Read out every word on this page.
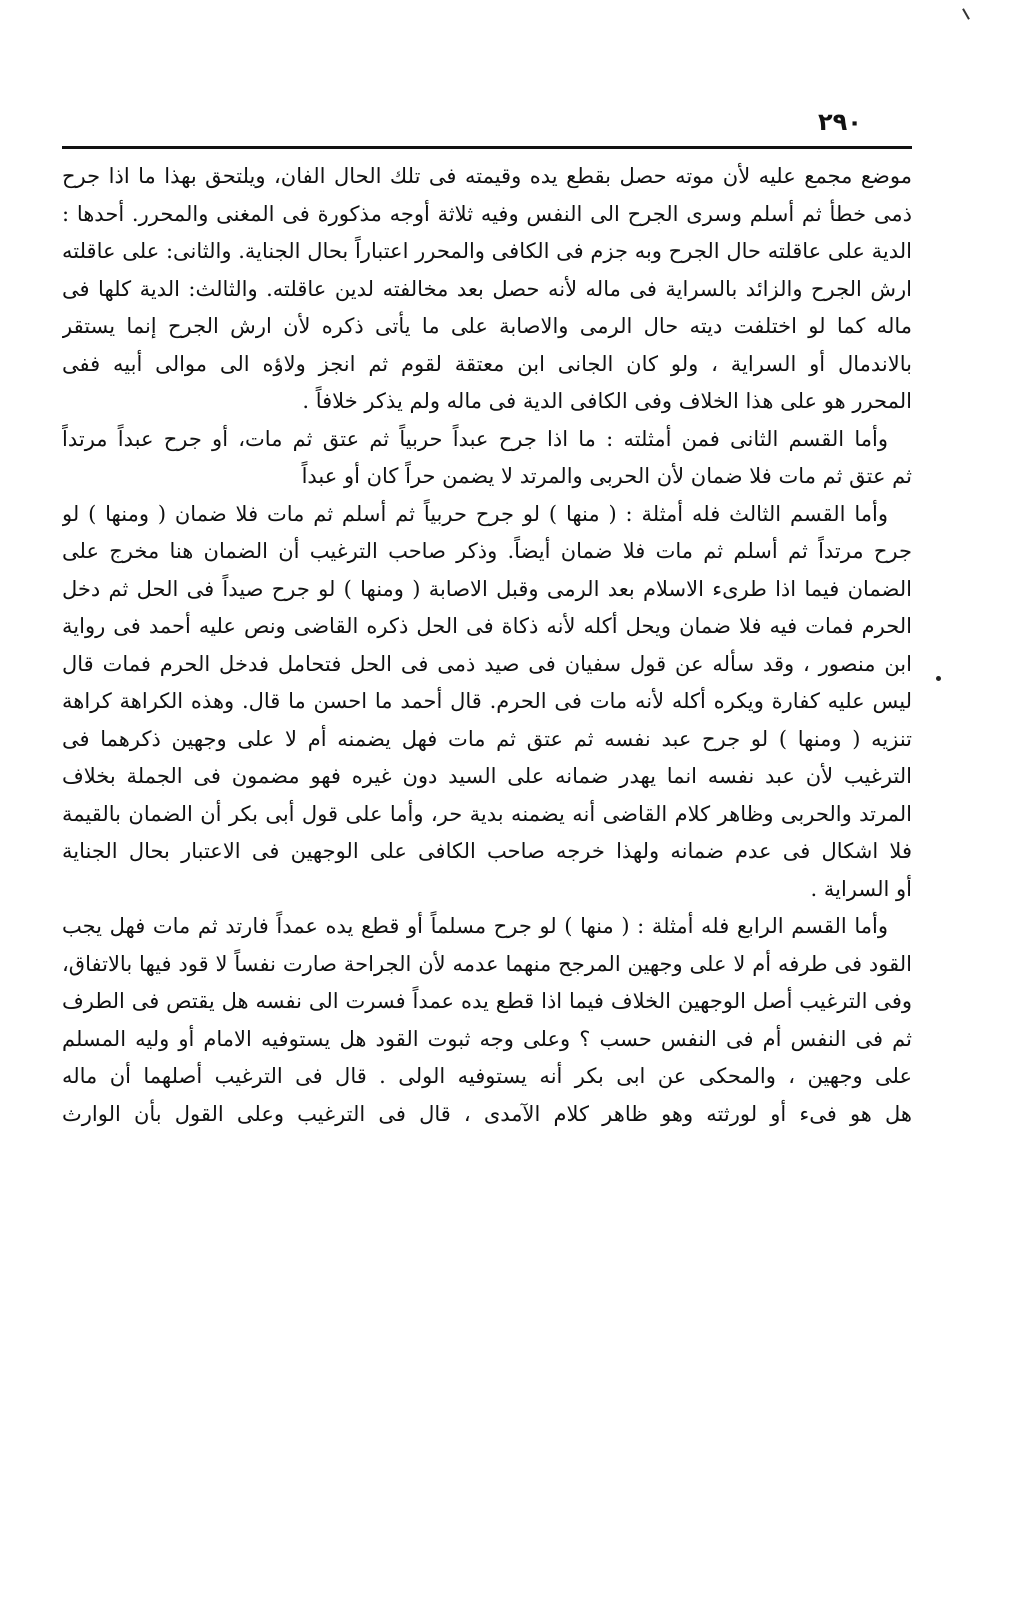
٢٩٠
موضع مجمع عليه لأن موته حصل بقطع يده وقيمته فى تلك الحال الفان، ويلتحق بهذا ما اذا جرح
ذمى خطأ ثم أسلم وسرى الجرح الى النفس وفيه ثلاثة أوجه مذكورة فى المغنى والمحرر. أحدها :
الدية على عاقلته حال الجرح وبه جزم فى الكافى والمحرر اعتباراً بحال الجناية. والثانى: على عاقلته
ارش الجرح والزائد بالسراية فى ماله لأنه حصل بعد مخالفته لدين عاقلته. والثالث: الدية كلها فى
ماله كما لو اختلفت ديته حال الرمى والاصابة على ما يأتى ذكره لأن ارش الجرح إنما يستقر
بالاندمال أو السراية ، ولو كان الجانى ابن معتقة لقوم ثم انجز ولاؤه الى موالى أبيه ففى
المحرر هو على هذا الخلاف وفى الكافى الدية فى ماله ولم يذكر خلافاً .
وأما القسم الثانى فمن أمثلته : ما اذا جرح عبداً حربياً ثم عتق ثم مات، أو جرح عبداً مرتداً
ثم عتق ثم مات فلا ضمان لأن الحربى والمرتد لا يضمن حراً كان أو عبداً
وأما القسم الثالث فله أمثلة : ( منها ) لو جرح حربياً ثم أسلم ثم مات فلا ضمان ( ومنها ) لو
جرح مرتداً ثم أسلم ثم مات فلا ضمان أيضاً. وذكر صاحب الترغيب أن الضمان هنا مخرج على
الضمان فيما اذا طرىء الاسلام بعد الرمى وقبل الاصابة ( ومنها ) لو جرح صيداً فى الحل ثم دخل
الحرم فمات فيه فلا ضمان ويحل أكله لأنه ذكاة فى الحل ذكره القاضى ونص عليه أحمد فى رواية
ابن منصور ، وقد سأله عن قول سفيان فى صيد ذمى فى الحل فتحامل فدخل الحرم فمات قال
ليس عليه كفارة ويكره أكله لأنه مات فى الحرم. قال أحمد ما احسن ما قال. وهذه الكراهة كراهة
تنزيه ( ومنها ) لو جرح عبد نفسه ثم عتق ثم مات فهل يضمنه أم لا على وجهين ذكرهما فى
الترغيب لأن عبد نفسه انما يهدر ضمانه على السيد دون غيره فهو مضمون فى الجملة بخلاف
المرتد والحربى وظاهر كلام القاضى أنه يضمنه بدية حر، وأما على قول أبى بكر أن الضمان بالقيمة
فلا اشكال فى عدم ضمانه ولهذا خرجه صاحب الكافى على الوجهين فى الاعتبار بحال الجناية
أو السراية .
وأما القسم الرابع فله أمثلة : ( منها ) لو جرح مسلماً أو قطع يده عمداً فارتد ثم مات فهل يجب
القود فى طرفه أم لا على وجهين المرجح منهما عدمه لأن الجراحة صارت نفساً لا قود فيها بالاتفاق،
وفى الترغيب أصل الوجهين الخلاف فيما اذا قطع يده عمداً فسرت الى نفسه هل يقتص فى الطرف
ثم فى النفس أم فى النفس حسب ؟ وعلى وجه ثبوت القود هل يستوفيه الامام أو وليه المسلم
على وجهين ، والمحكى عن ابى بكر أنه يستوفيه الولى . قال فى الترغيب أصلهما أن ماله
هل هو فىء أو لورثته وهو ظاهر كلام الآمدى ، قال فى الترغيب وعلى القول بأن الوارث
